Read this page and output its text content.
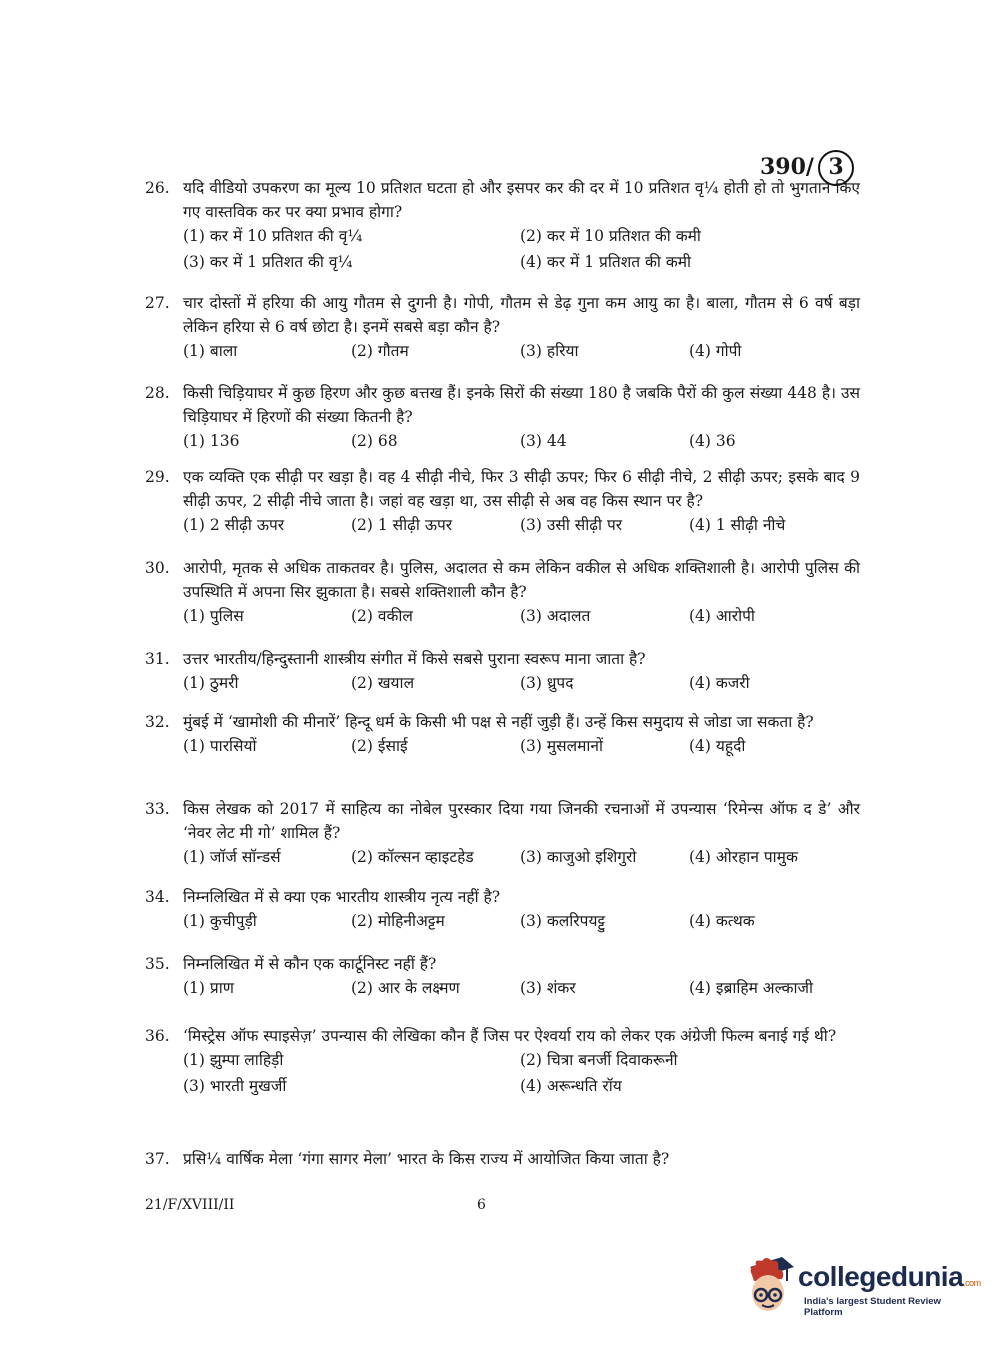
390/ 3
26. यदि वीडियो उपकरण का मूल्य 10 प्रतिशत घटता हो और इसपर कर की दर में 10 प्रतिशत वृ¼ होती हो तो भुगतान किए गए वास्तविक कर पर क्या प्रभाव होगा?
(1) कर में 10 प्रतिशत की वृ¼	(2) कर में 10 प्रतिशत की कमी
(3) कर में 1 प्रतिशत की वृ¼	(4) कर में 1 प्रतिशत की कमी
27. चार दोस्तों में हरिया की आयु गौतम से दुगनी है। गोपी, गौतम से डेढ़ गुना कम आयु का है। बाला, गौतम से 6 वर्ष बड़ा लेकिन हरिया से 6 वर्ष छोटा है। इनमें सबसे बड़ा कौन है?
(1) बाला	(2) गौतम	(3) हरिया	(4) गोपी
28. किसी चिड़ियाघर में कुछ हिरण और कुछ बत्तख हैं। इनके सिरों की संख्या 180 है जबकि पैरों की कुल संख्या 448 है। उस चिड़ियाघर में हिरणों की संख्या कितनी है?
(1) 136	(2) 68	(3) 44	(4) 36
29. एक व्यक्ति एक सीढ़ी पर खड़ा है। वह 4 सीढ़ी नीचे, फिर 3 सीढ़ी ऊपर; फिर 6 सीढ़ी नीचे, 2 सीढ़ी ऊपर; इसके बाद 9 सीढ़ी ऊपर, 2 सीढ़ी नीचे जाता है। जहां वह खड़ा था, उस सीढ़ी से अब वह किस स्थान पर है?
(1) 2 सीढ़ी ऊपर	(2) 1 सीढ़ी ऊपर	(3) उसी सीढ़ी पर	(4) 1 सीढ़ी नीचे
30. आरोपी, मृतक से अधिक ताकतवर है। पुलिस, अदालत से कम लेकिन वकील से अधिक शक्तिशाली है। आरोपी पुलिस की उपस्थिति में अपना सिर झुकाता है। सबसे शक्तिशाली कौन है?
(1) पुलिस	(2) वकील	(3) अदालत	(4) आरोपी
31. उत्तर भारतीय/हिन्दुस्तानी शास्त्रीय संगीत में किसे सबसे पुराना स्वरूप माना जाता है?
(1) ठुमरी	(2) खयाल	(3) ध्रुपद	(4) कजरी
32. मुंबई में ‘खामोशी की मीनारें’ हिन्दू धर्म के किसी भी पक्ष से नहीं जुड़ी हैं। उन्हें किस समुदाय से जोडा जा सकता है?
(1) पारसियों	(2) ईसाई	(3) मुसलमानों	(4) यहूदी
33. किस लेखक को 2017 में साहित्य का नोबेल पुरस्कार दिया गया जिनकी रचनाओं में उपन्यास ‘रिमेन्स ऑफ द डे’ और ‘नेवर लेट मी गो’ शामिल हैं?
(1) जॉर्ज सॉन्डर्स	(2) कॉल्सन व्हाइटहेड	(3) काजुओ इशिगुरो	(4) ओरहान पामुक
34. निम्नलिखित में से क्या एक भारतीय शास्त्रीय नृत्य नहीं है?
(1) कुचीपुड़ी	(2) मोहिनीअट्टम	(3) कलरिपयट्टु	(4) कत्थक
35. निम्नलिखित में से कौन एक कार्टूनिस्ट नहीं हैं?
(1) प्राण	(2) आर के लक्ष्मण	(3) शंकर	(4) इब्राहिम अल्काजी
36. ‘मिस्ट्रेस ऑफ स्पाइसेज़’ उपन्यास की लेखिका कौन हैं जिस पर ऐश्वर्या राय को लेकर एक अंग्रेजी फिल्म बनाई गई थी?
(1) झुम्पा लाहिड़ी	(2) चित्रा बनर्जी दिवाकरूनी
(3) भारती मुखर्जी	(4) अरून्धति रॉय
37. प्रसि¼ वार्षिक मेला ‘गंगा सागर मेला’ भारत के किस राज्य में आयोजित किया जाता है?
21/F/XVIII/II	6
collegedunia.com
India's largest Student Review Platform
